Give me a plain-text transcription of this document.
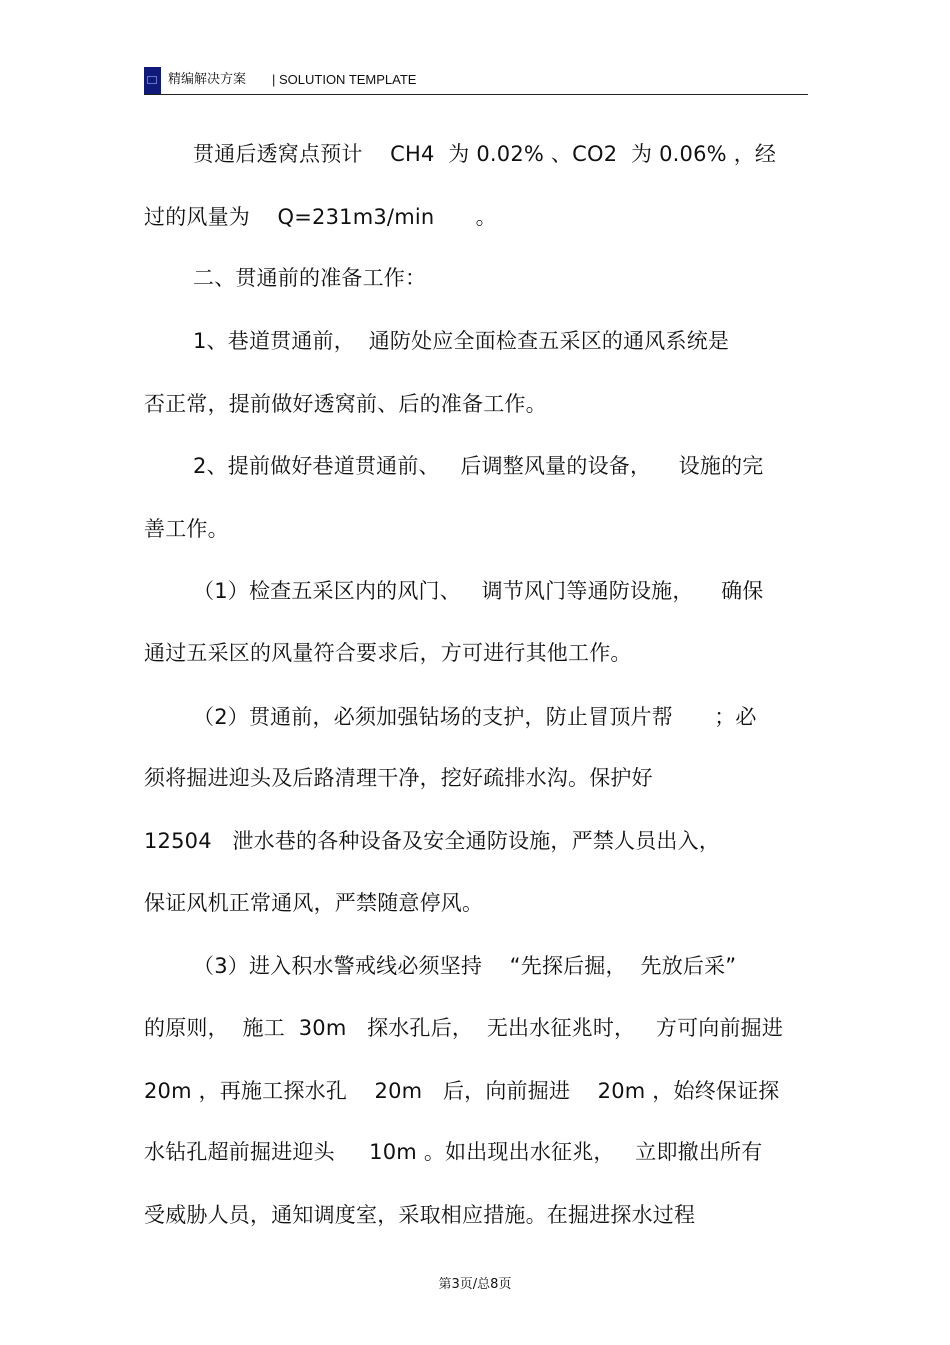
精编解决方案 | SOLUTION TEMPLATE
贯通后透窝点预计    CH4  为 0.02% 、CO2  为 0.06% ，经
过的风量为    Q=231m3/min      。
二、贯通前的准备工作：
1、巷道贯通前，  通防处应全面检查五采区的通风系统是
否正常，提前做好透窝前、后的准备工作。
2、提前做好巷道贯通前、   后调整风量的设备，    设施的完
善工作。
（1）检查五采区内的风门、   调节风门等通防设施，    确保
通过五采区的风量符合要求后，方可进行其他工作。
（2）贯通前，必须加强钻场的支护，防止冒顶片帮      ；必
须将掘进迎头及后路清理干净，挖好疏排水沟。保护好
12504   泄水巷的各种设备及安全通防设施，严禁人员出入，
保证风机正常通风，严禁随意停风。
（3）进入积水警戒线必须坚持    “先探后掘，  先放后采”
的原则，  施工  30m   探水孔后，  无出水征兆时，   方可向前掘进
20m ，再施工探水孔    20m   后，向前掘进    20m ，始终保证探
水钻孔超前掘进迎头     10m 。如出现出水征兆，   立即撤出所有
受威胁人员，通知调度室，采取相应措施。在掘进探水过程
第3页/总8页
